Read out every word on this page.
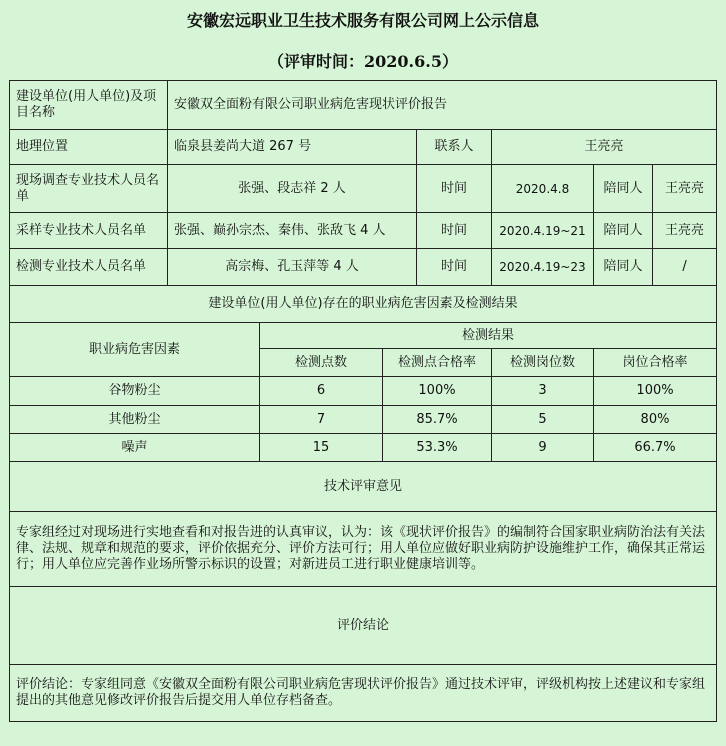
安徽宏远职业卫生技术服务有限公司网上公示信息
（评审时间：2020.6.5）
建设单位(用人单位)及项目名称	安徽双全面粉有限公司职业病危害现状评价报告						
地理位置	临泉县姜尚大道 267 号			联系人	王亮亮		
现场调查专业技术人员名单	张强、段志祥 2 人			时间	2020.4.8	陪同人	王亮亮
采样专业技术人员名单	张强、巅孙宗杰、秦伟、张敌飞 4 人			时间	2020.4.19~21	陪同人	王亮亮
检测专业技术人员名单	高宗梅、孔玉萍等 4 人			时间	2020.4.19~23	陪同人	/
建设单位(用人单位)存在的职业病危害因素及检测结果							
职业病危害因素		检测结果					
		检测点数	检测点合格率		检测岗位数	岗位合格率	
谷物粉尘		6	100%		3	100%	
其他粉尘		7	85.7%		5	80%	
噪声		15	53.3%		9	66.7%	
技术评审意见							
专家组经过对现场进行实地查看和对报告进的认真审议，认为：该《现状评价报告》的编制符合国家职业病防治法有关法律、法规、规章和规范的要求，评价依据充分、评价方法可行；用人单位应做好职业病防护设施维护工作，确保其正常运行；用人单位应完善作业场所警示标识的设置；对新进员工进行职业健康培训等。							
评价结论							
评价结论：专家组同意《安徽双全面粉有限公司职业病危害现状评价报告》通过技术评审，评级机构按上述建议和专家组提出的其他意见修改评价报告后提交用人单位存档备查。							
